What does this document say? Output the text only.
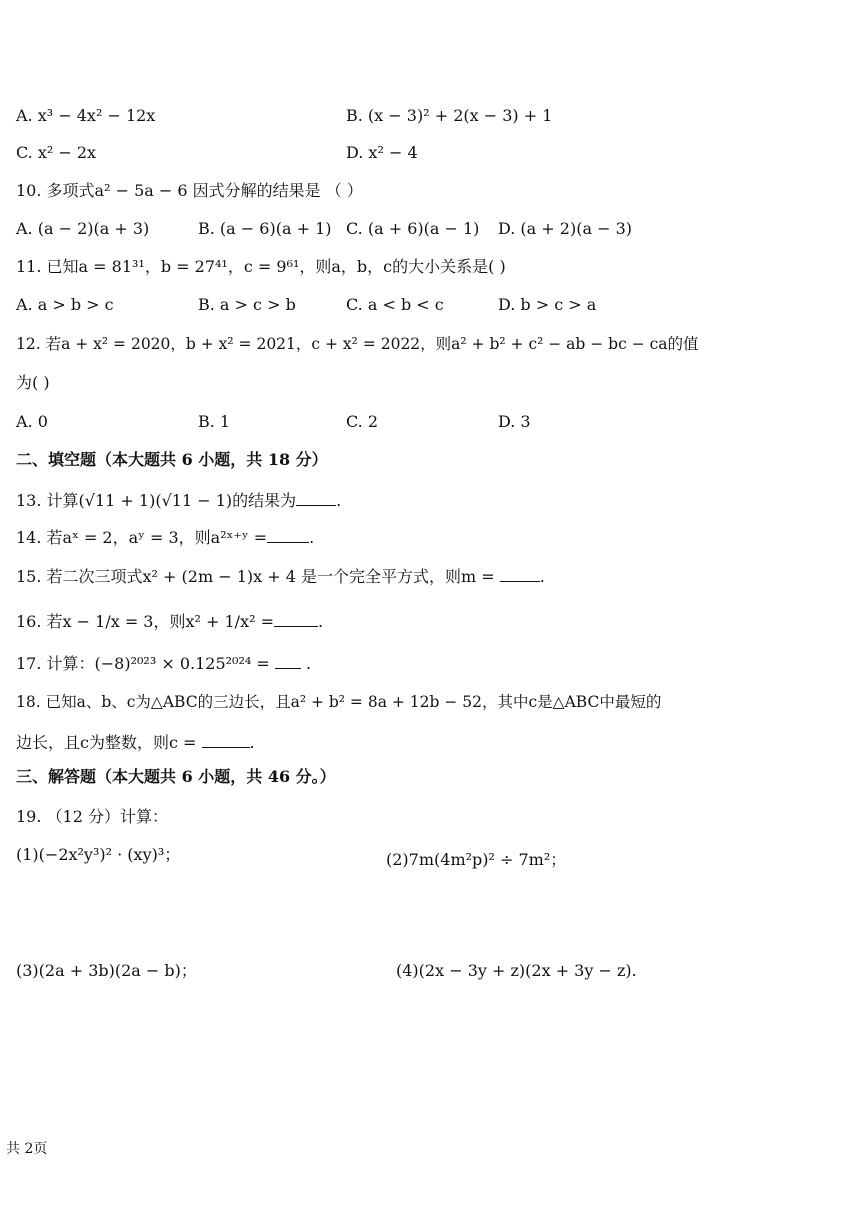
A. x³ − 4x² − 12x	B. (x − 3)² + 2(x − 3) + 1
C. x² − 2x	D. x² − 4
10. 多项式a² − 5a − 6 因式分解的结果是 （ ）
A. (a − 2)(a + 3)	B. (a − 6)(a + 1) C. (a + 6)(a − 1) D. (a + 2)(a − 3)
11. 已知a = 81³¹，b = 27⁴¹，c = 9⁶¹，则a，b，c的大小关系是( )
A. a > b > c	B. a > c > b	C. a < b < c	D. b > c > a
12. 若a + x² = 2020，b + x² = 2021，c + x² = 2022，则a² + b² + c² − ab − bc − ca的值
为( )
A. 0	B. 1	C. 2	D. 3
二、填空题（本大题共 6 小题，共 18 分）
13. 计算(√11 + 1)(√11 − 1)的结果为	.
14. 若aˣ = 2，aʸ = 3，则a²ˣ⁺ʸ =	.
15. 若二次三项式x² + (2m − 1)x + 4 是一个完全平方式，则m =	.
16. 若x − 1/x = 3，则x² + 1/x² =	.
17. 计算：(−8)²⁰²³ × 0.125²⁰²⁴ =  .
18. 已知a、b、c为△ABC的三边长，且a² + b² = 8a + 12b − 52，其中c是△ABC中最短的
边长，且c为整数，则c =	.
三、解答题（本大题共 6 小题，共 46 分。）
19. （12 分）计算：
(1)(−2x²y³)² · (xy)³；	(2)7m(4m²p)² ÷ 7m²；
(3)(2a + 3b)(2a − b)；	(4)(2x − 3y + z)(2x + 3y − z).
共 2页
